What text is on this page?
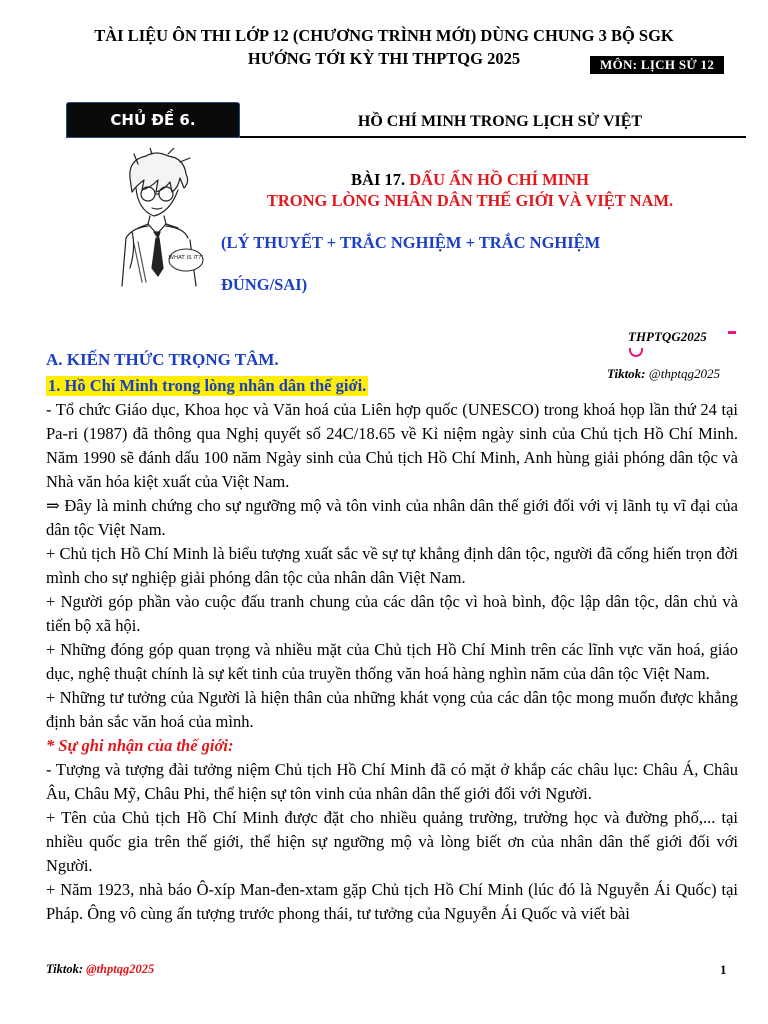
TÀI LIỆU ÔN THI LỚP 12 (CHƯƠNG TRÌNH MỚI) DÙNG CHUNG 3 BỘ SGK
HƯỚNG TỚI KỲ THI THPTQG 2025	MÔN: LỊCH SỬ 12
CHỦ ĐỀ 6.	HỒ CHÍ MINH TRONG LỊCH SỬ VIỆT
WHAT IS IT?!
BÀI 17. DẤU ẤN HỒ CHÍ MINH
TRONG LÒNG NHÂN DÂN THẾ GIỚI VÀ VIỆT NAM.
(LÝ THUYẾT + TRẮC NGHIỆM + TRẮC NGHIỆM
ĐÚNG/SAI)
THPTQG2025
Tiktok: @thptqg2025
A. KIẾN THỨC TRỌNG TÂM.
1. Hồ Chí Minh trong lòng nhân dân thế giới.

- Tổ chức Giáo dục, Khoa học và Văn hoá của Liên hợp quốc (UNESCO) trong khoá họp lần thứ 24 tại Pa-ri (1987) đã thông qua Nghị quyết số 24C/18.65 về Kỉ niệm ngày sinh của Chủ tịch Hồ Chí Minh. Năm 1990 sẽ đánh dấu 100 năm Ngày sinh của Chủ tịch Hồ Chí Minh, Anh hùng giải phóng dân tộc và Nhà văn hóa kiệt xuất của Việt Nam.

⇒ Đây là minh chứng cho sự ngưỡng mộ và tôn vinh của nhân dân thế giới đối với vị lãnh tụ vĩ đại của dân tộc Việt Nam.

+ Chủ tịch Hồ Chí Minh là biểu tượng xuất sắc về sự tự khẳng định dân tộc, người đã cống hiến trọn đời mình cho sự nghiệp giải phóng dân tộc của nhân dân Việt Nam.

+ Người góp phần vào cuộc đấu tranh chung của các dân tộc vì hoà bình, độc lập dân tộc, dân chủ và tiến bộ xã hội.

+ Những đóng góp quan trọng và nhiều mặt của Chủ tịch Hồ Chí Minh trên các lĩnh vực văn hoá, giáo dục, nghệ thuật chính là sự kết tinh của truyền thống văn hoá hàng nghìn năm của dân tộc Việt Nam.

+ Những tư tưởng của Người là hiện thân của những khát vọng của các dân tộc mong muốn được khẳng định bản sắc văn hoá của mình.

* Sự ghi nhận của thế giới:

- Tượng và tượng đài tưởng niệm Chủ tịch Hồ Chí Minh đã có mặt ở khắp các châu lục: Châu Á, Châu Âu, Châu Mỹ, Châu Phi, thể hiện sự tôn vinh của nhân dân thế giới đối với Người.

+ Tên của Chủ tịch Hồ Chí Minh được đặt cho nhiều quảng trường, trường học và đường phố,... tại nhiều quốc gia trên thế giới, thể hiện sự ngưỡng mộ và lòng biết ơn của nhân dân thế giới đối với Người.

+ Năm 1923, nhà báo Ô-xíp Man-đen-xtam gặp Chủ tịch Hồ Chí Minh (lúc đó là Nguyễn Ái Quốc) tại Pháp. Ông vô cùng ấn tượng trước phong thái, tư tưởng của Nguyễn Ái Quốc và viết bài

Tiktok: @thptqg2025	1
